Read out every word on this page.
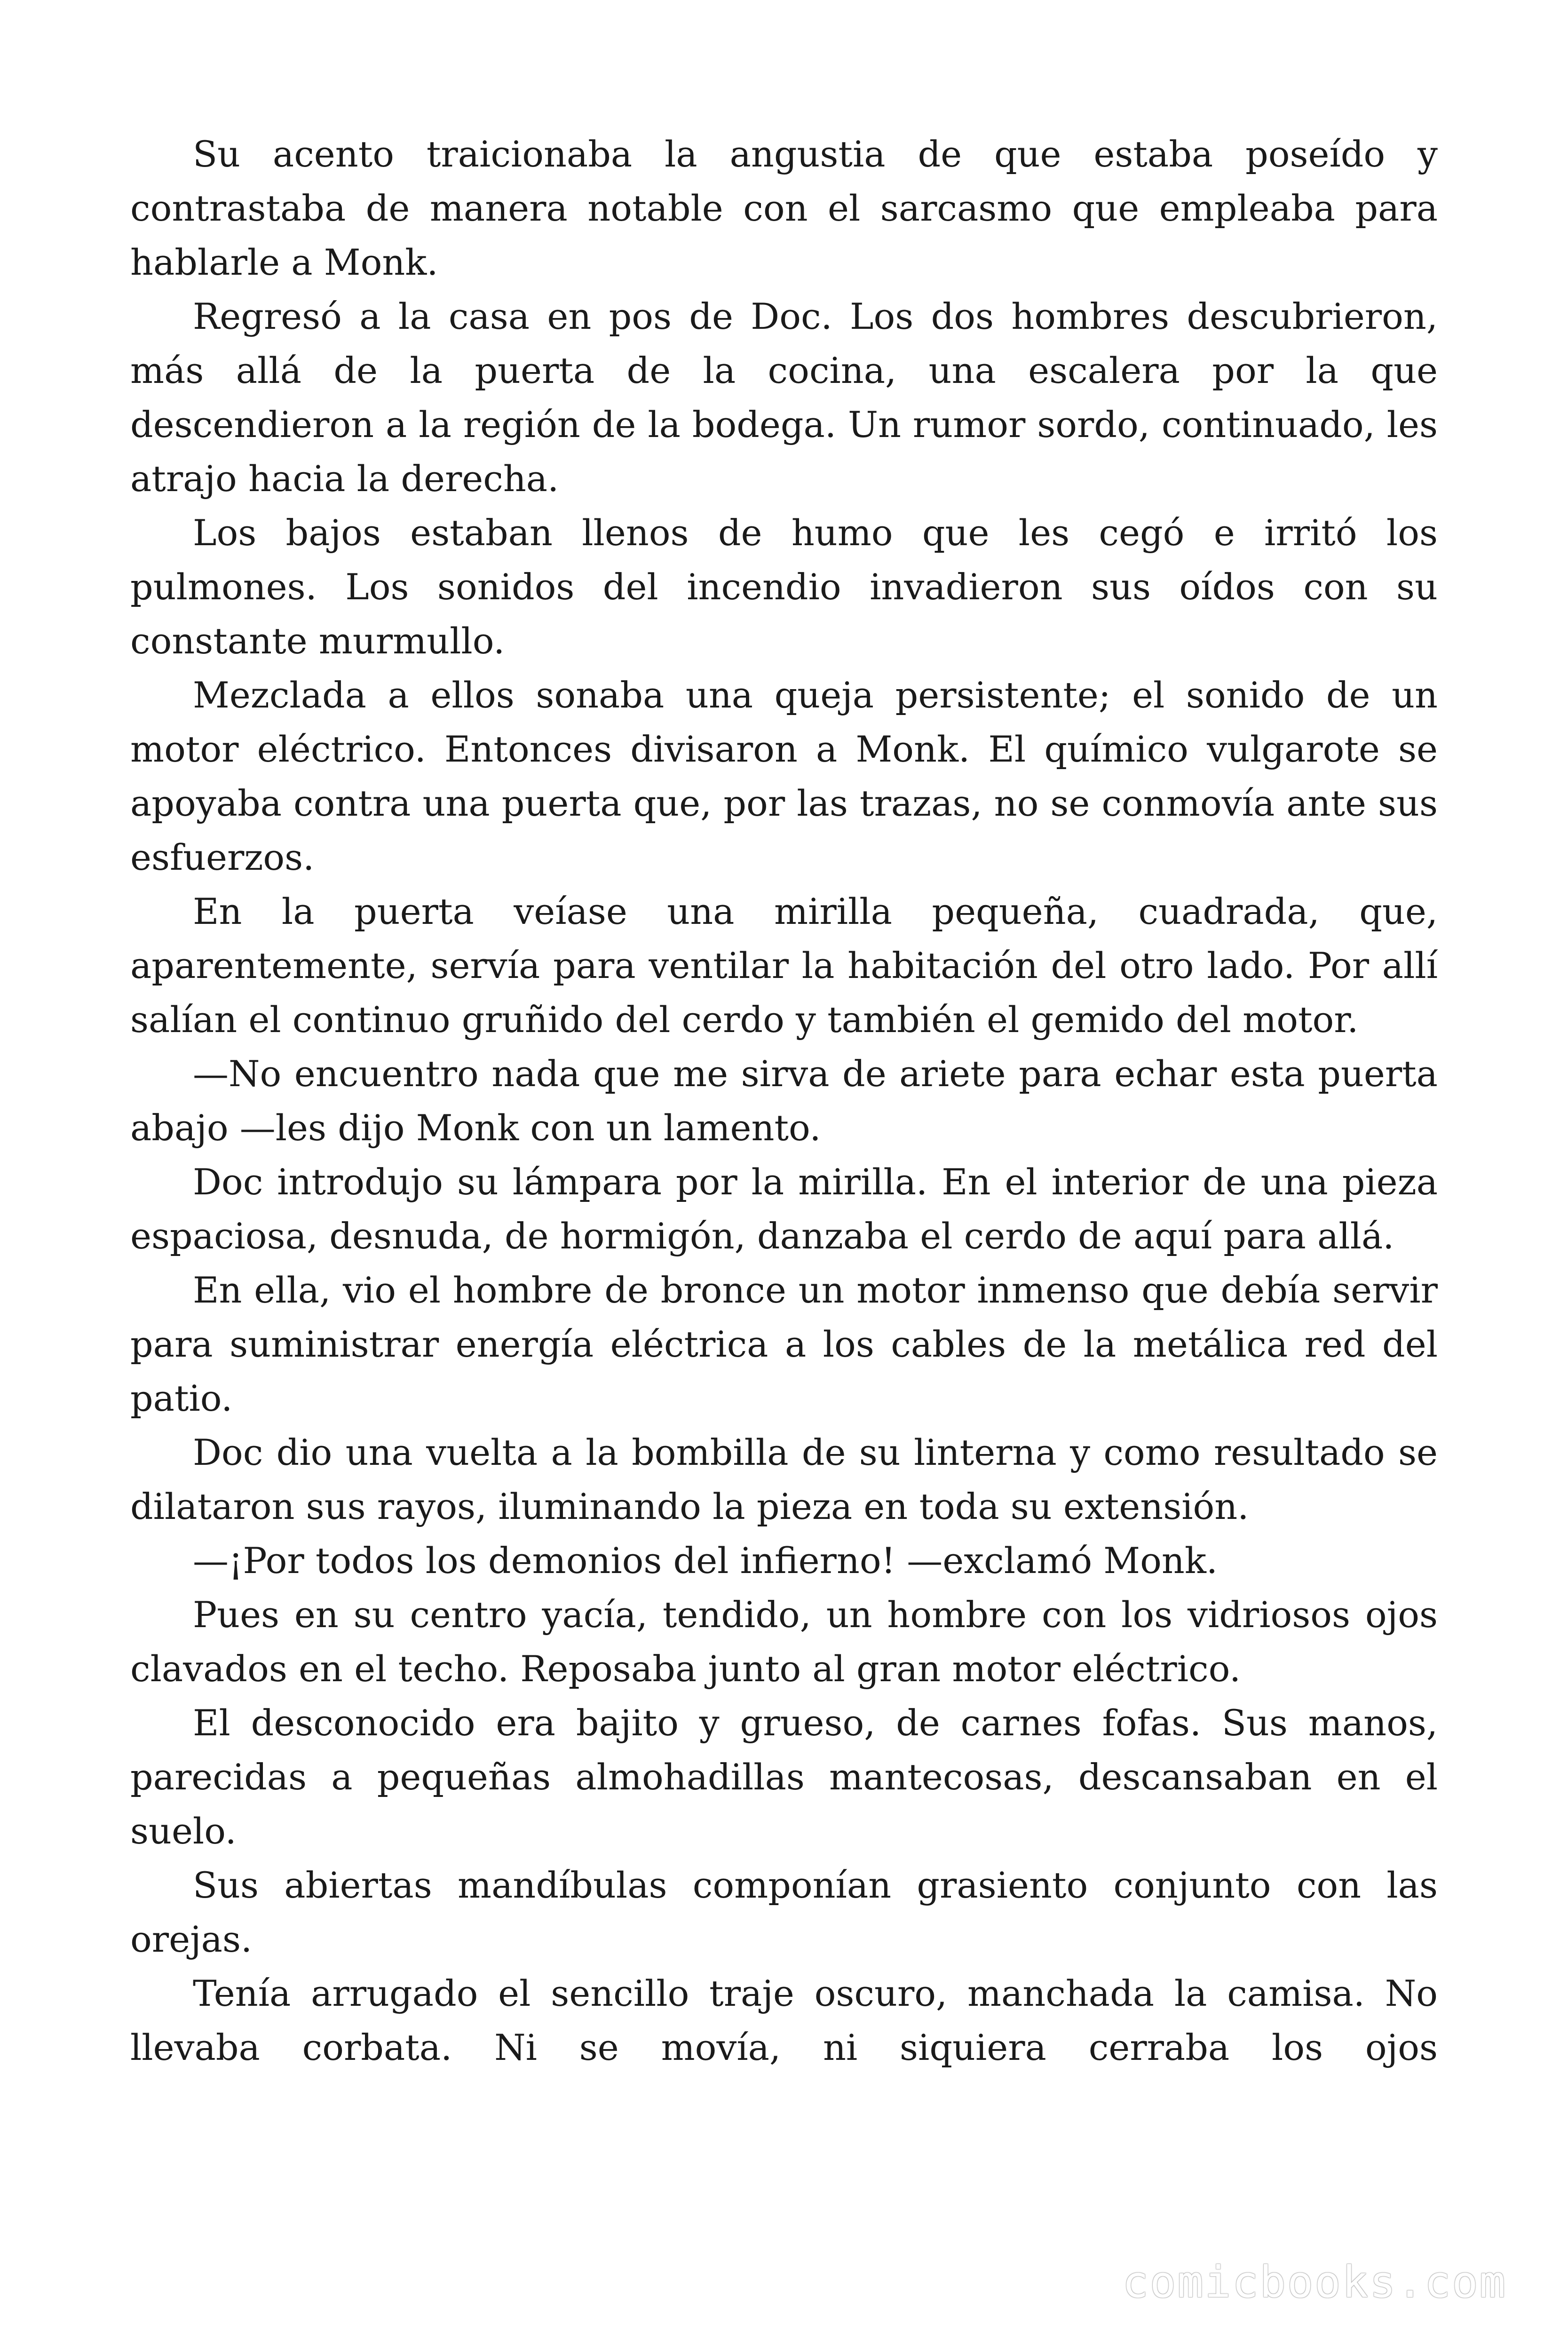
Su acento traicionaba la angustia de que estaba poseído y contrastaba de manera notable con el sarcasmo que empleaba para hablarle a Monk.

Regresó a la casa en pos de Doc. Los dos hombres descubrieron, más allá de la puerta de la cocina, una escalera por la que descendieron a la región de la bodega. Un rumor sordo, continuado, les atrajo hacia la derecha.

Los bajos estaban llenos de humo que les cegó e irritó los pulmones. Los sonidos del incendio invadieron sus oídos con su constante murmullo.

Mezclada a ellos sonaba una queja persistente; el sonido de un motor eléctrico. Entonces divisaron a Monk. El químico vulgarote se apoyaba contra una puerta que, por las trazas, no se conmovía ante sus esfuerzos.

En la puerta veíase una mirilla pequeña, cuadrada, que, aparentemente, servía para ventilar la habitación del otro lado. Por allí salían el continuo gruñido del cerdo y también el gemido del motor.

—No encuentro nada que me sirva de ariete para echar esta puerta abajo —les dijo Monk con un lamento.

Doc introdujo su lámpara por la mirilla. En el interior de una pieza espaciosa, desnuda, de hormigón, danzaba el cerdo de aquí para allá.

En ella, vio el hombre de bronce un motor inmenso que debía servir para suministrar energía eléctrica a los cables de la metálica red del patio.

Doc dio una vuelta a la bombilla de su linterna y como resultado se dilataron sus rayos, iluminando la pieza en toda su extensión.

—¡Por todos los demonios del infierno! —exclamó Monk.

Pues en su centro yacía, tendido, un hombre con los vidriosos ojos clavados en el techo. Reposaba junto al gran motor eléctrico.

El desconocido era bajito y grueso, de carnes fofas. Sus manos, parecidas a pequeñas almohadillas mantecosas, descansaban en el suelo.

Sus abiertas mandíbulas componían grasiento conjunto con las orejas.

Tenía arrugado el sencillo traje oscuro, manchada la camisa. No llevaba corbata. Ni se movía, ni siquiera cerraba los ojos

comicbooks.com
